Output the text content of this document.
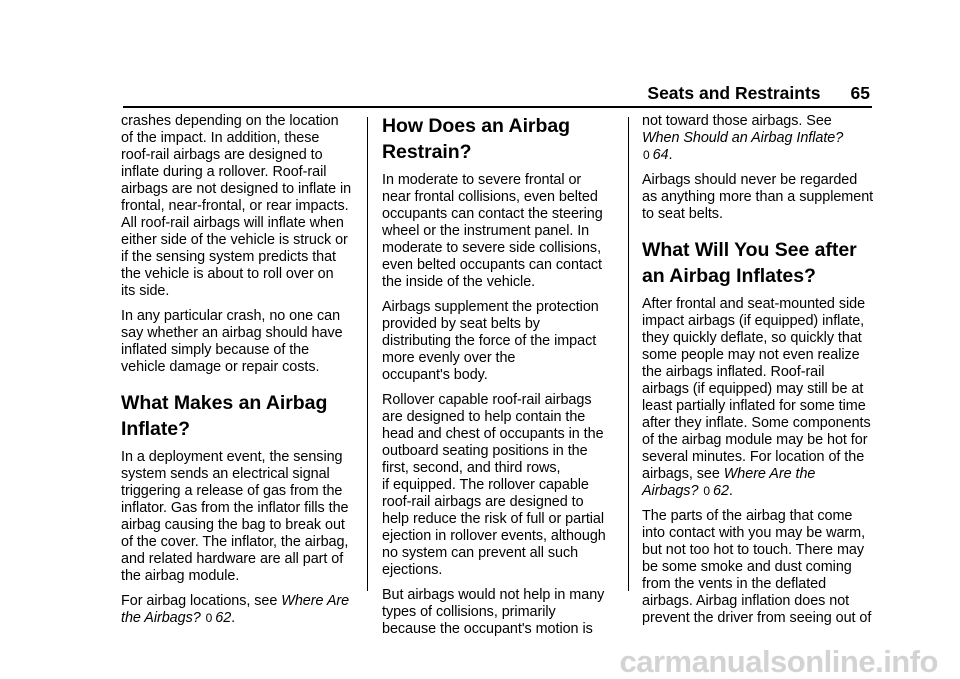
Seats and Restraints 65
crashes depending on the location
of the impact. In addition, these
roof-rail airbags are designed to
inflate during a rollover. Roof-rail
airbags are not designed to inflate in
frontal, near-frontal, or rear impacts.
All roof-rail airbags will inflate when
either side of the vehicle is struck or
if the sensing system predicts that
the vehicle is about to roll over on
its side.
In any particular crash, no one can
say whether an airbag should have
inflated simply because of the
vehicle damage or repair costs.
What Makes an Airbag
Inflate?
In a deployment event, the sensing
system sends an electrical signal
triggering a release of gas from the
inflator. Gas from the inflator fills the
airbag causing the bag to break out
of the cover. The inflator, the airbag,
and related hardware are all part of
the airbag module.
For airbag locations, see Where Are
the Airbags? 0 62.
How Does an Airbag
Restrain?
In moderate to severe frontal or
near frontal collisions, even belted
occupants can contact the steering
wheel or the instrument panel. In
moderate to severe side collisions,
even belted occupants can contact
the inside of the vehicle.
Airbags supplement the protection
provided by seat belts by
distributing the force of the impact
more evenly over the
occupant's body.
Rollover capable roof-rail airbags
are designed to help contain the
head and chest of occupants in the
outboard seating positions in the
first, second, and third rows,
if equipped. The rollover capable
roof-rail airbags are designed to
help reduce the risk of full or partial
ejection in rollover events, although
no system can prevent all such
ejections.
But airbags would not help in many
types of collisions, primarily
because the occupant's motion is
not toward those airbags. See
When Should an Airbag Inflate?
0 64.
Airbags should never be regarded
as anything more than a supplement
to seat belts.
What Will You See after
an Airbag Inflates?
After frontal and seat-mounted side
impact airbags (if equipped) inflate,
they quickly deflate, so quickly that
some people may not even realize
the airbags inflated. Roof-rail
airbags (if equipped) may still be at
least partially inflated for some time
after they inflate. Some components
of the airbag module may be hot for
several minutes. For location of the
airbags, see Where Are the
Airbags? 0 62.
The parts of the airbag that come
into contact with you may be warm,
but not too hot to touch. There may
be some smoke and dust coming
from the vents in the deflated
airbags. Airbag inflation does not
prevent the driver from seeing out of
carmanualsonline.info
